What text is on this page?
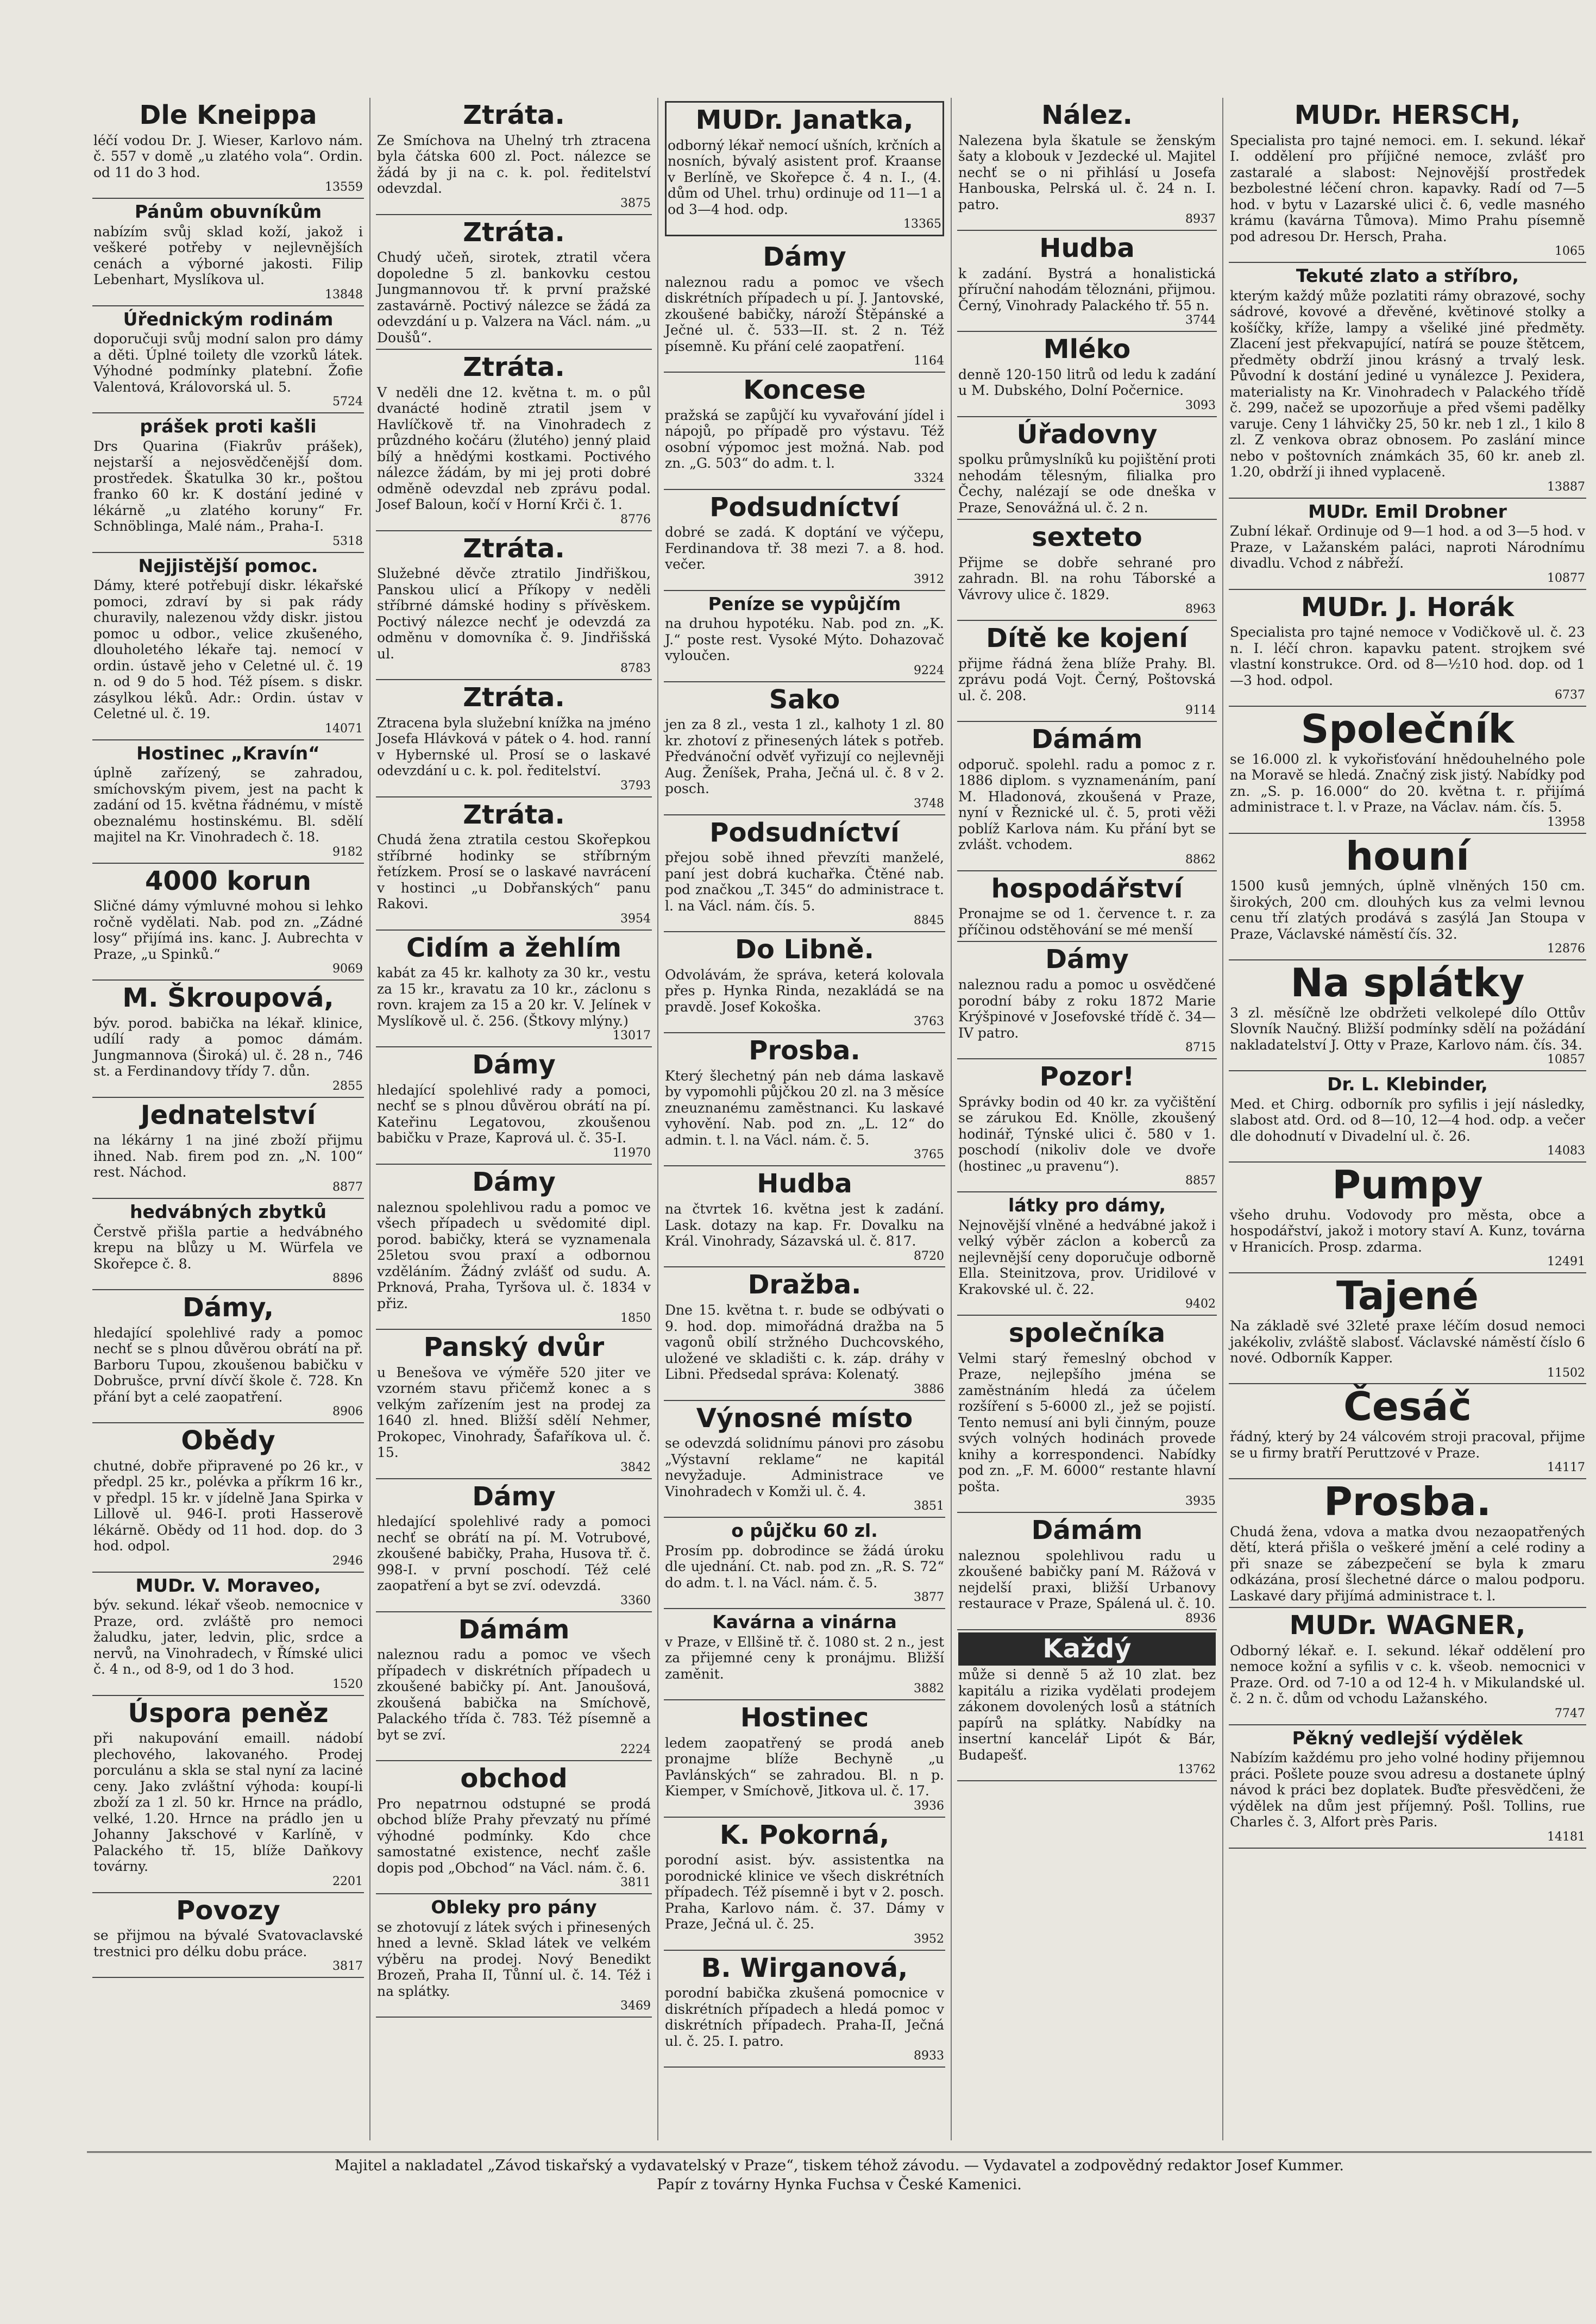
Dle Kneippa
léčí vodou Dr. J. Wieser, Karlovo nám. č. 557 v domě „u zlatého vola“. Ordin. od 11 do 3 hod.
13559
Pánům obuvníkům
nabízím svůj sklad koží, jakož i veškeré potřeby v nejlevnějších cenách a výborné jakosti. Filip Lebenhart, Myslíkova ul.
13848
Úřednickým rodinám
doporučuji svůj modní salon pro dámy a děti. Úplné toilety dle vzorků látek. Výhodné podmínky platební. Žofie Valentová, Královorská ul. 5.
5724
prášek proti kašli
Drs Quarina (Fiakrův prášek), nejstarší a nejosvědčenější dom. prostředek. Škatulka 30 kr., poštou franko 60 kr. K dostání jediné v lékárně „u zlatého koruny“ Fr. Schnöblinga, Malé nám., Praha-I.
5318
Nejjistější pomoc.
Dámy, které potřebují diskr. lékařské pomoci, zdraví by si pak rády churavily, nalezenou vždy diskr. jistou pomoc u odbor., velice zkušeného, dlouholetého lékaře taj. nemocí v ordin. ústavě jeho v Celetné ul. č. 19 n. od 9 do 5 hod. Též písem. s diskr. zásylkou léků. Adr.: Ordin. ústav v Celetné ul. č. 19.
14071
Hostinec „Kravín“
úplně zařízený, se zahradou, smíchovským pivem, jest na pacht k zadání od 15. května řádnému, v místě obeznalému hostinskému. Bl. sdělí majitel na Kr. Vinohradech č. 18.
9182
4000 korun
Sličné dámy výmluvné mohou si lehko ročně vydělati. Nab. pod zn. „Zádné losy“ přijímá ins. kanc. J. Aubrechta v Praze, „u Spinků.“
9069
M. Škroupová,
býv. porod. babička na lékař. klinice, udílí rady a pomoc dámám. Jungmannova (Široká) ul. č. 28 n., 746 st. a Ferdinandovy třídy 7. důn.
2855
Jednatelství
na lékárny 1 na jiné zboží přijmu ihned. Nab. firem pod zn. „N. 100“ rest. Náchod.
8877
hedvábných zbytků
Čerstvě přišla partie a hedvábného krepu na blůzy u M. Würfela ve Skořepce č. 8.
8896
Dámy,
hledající spolehlivé rady a pomoc nechť se s plnou důvěrou obrátí na př. Barboru Tupou, zkoušenou babičku v Dobrušce, první dívčí škole č. 728. Kn přání byt a celé zaopatření.
8906
Obědy
chutné, dobře připravené po 26 kr., v předpl. 25 kr., polévka a příkrm 16 kr., v předpl. 15 kr. v jídelně Jana Spirka v Lillově ul. 946-I. proti Hasserově lékárně. Obědy od 11 hod. dop. do 3 hod. odpol.
2946
MUDr. V. Moraveo,
býv. sekund. lékař všeob. nemocnice v Praze, ord. zvláště pro nemoci žaludku, jater, ledvin, plic, srdce a nervů, na Vinohradech, v Římské ulici č. 4 n., od 8-9, od 1 do 3 hod.
1520
Úspora peněz
při nakupování emaill. nádobí plechového, lakovaného. Prodej porculánu a skla se stal nyní za laciné ceny. Jako zvláštní výhoda: koupí-li zboží za 1 zl. 50 kr. Hrnce na prádlo, velké, 1.20. Hrnce na prádlo jen u Johanny Jakschové v Karlíně, v Palackého tř. 15, blíže Daňkovy továrny.
2201
Povozy
se přijmou na bývalé Svatovaclavské trestnici pro délku dobu práce.
3817
Ztráta.
Ze Smíchova na Uhelný trh ztracena byla čátska 600 zl. Poct. nálezce se žádá by ji na c. k. pol. ředitelství odevzdal.
3875
Ztráta.
Chudý učeň, sirotek, ztratil včera dopoledne 5 zl. bankovku cestou Jungmannovou tř. k první pražské zastavárně. Poctivý nálezce se žádá za odevzdání u p. Valzera na Václ. nám. „u Doušů“.
Ztráta.
V neděli dne 12. května t. m. o půl dvanácté hodině ztratil jsem v Havlíčkově tř. na Vinohradech z průzdného kočáru (žlutého) jenný plaid bílý a hnědými kostkami. Poctivého nálezce žádám, by mi jej proti dobré odměně odevzdal neb zprávu podal. Josef Baloun, kočí v Horní Krči č. 1.
8776
Ztráta.
Služebné děvče ztratilo Jindřiškou, Panskou ulicí a Příkopy v neděli stříbrné dámské hodiny s přívěskem. Poctivý nálezce nechť je odevzdá za odměnu v domovníka č. 9. Jindřišská ul.
8783
Ztráta.
Ztracena byla služební knížka na jméno Josefa Hlávková v pátek o 4. hod. ranní v Hybernské ul. Prosí se o laskavé odevzdání u c. k. pol. ředitelství.
3793
Ztráta.
Chudá žena ztratila cestou Skořepkou stříbrné hodinky se stříbrným řetízkem. Prosí se o laskavé navrácení v hostinci „u Dobřanských“ panu Rakovi.
3954
Cidím a žehlím
kabát za 45 kr. kalhoty za 30 kr., vestu za 15 kr., kravatu za 10 kr., záclonu s rovn. krajem za 15 a 20 kr. V. Jelínek v Myslíkově ul. č. 256. (Štkovy mlýny.)
13017
Dámy
hledající spolehlivé rady a pomoci, nechť se s plnou důvěrou obrátí na pí. Kateřinu Legatovou, zkoušenou babičku v Praze, Kaprová ul. č. 35-I.
11970
Dámy
naleznou spolehlivou radu a pomoc ve všech případech u svědomité dipl. porod. babičky, která se vyznamenala 25letou svou praxí a odbornou vzděláním. Žádný zvlášť od sudu. A. Prknová, Praha, Tyršova ul. č. 1834 v přiz.
1850
Panský dvůr
u Benešova ve výměře 520 jiter ve vzorném stavu přičemž konec a s velkým zařízením jest na prodej za 1640 zl. hned. Bližší sdělí Nehmer, Prokopec, Vinohrady, Šafaříkova ul. č. 15.
3842
Dámy
hledající spolehlivé rady a pomoci nechť se obrátí na pí. M. Votrubové, zkoušené babičky, Praha, Husova tř. č. 998-I. v první poschodí. Též celé zaopatření a byt se zví. odevzdá.
3360
Dámám
naleznou radu a pomoc ve všech případech v diskrétních případech u zkoušené babičky pí. Ant. Janoušová, zkoušená babička na Smíchově, Palackého třída č. 783. Též písemně a byt se zví.
2224
obchod
Pro nepatrnou odstupné se prodá obchod blíže Prahy převzatý nu přímé výhodné podmínky. Kdo chce samostatné existence, nechť zašle dopis pod „Obchod“ na Václ. nám. č. 6.
3811
Obleky pro pány
se zhotovují z látek svých i přinesených hned a levně. Sklad látek ve velkém výběru na prodej. Nový Benedikt Brozeň, Praha II, Tůnní ul. č. 14. Též i na splátky.
3469
MUDr. Janatka,
odborný lékař nemocí ušních, krčních a nosních, bývalý asistent prof. Kraanse v Berlíně, ve Skořepce č. 4 n. I., (4. dům od Uhel. trhu) ordinuje od 11—1 a od 3—4 hod. odp.
13365
Dámy
naleznou radu a pomoc ve všech diskrétních případech u pí. J. Jantovské, zkoušené babičky, nároží Štěpánské a Ječné ul. č. 533—II. st. 2 n. Též písemně. Ku přání celé zaopatření.
1164
Koncese
pražská se zapůjčí ku vyvařování jídel i nápojů, po případě pro výstavu. Též osobní výpomoc jest možná. Nab. pod zn. „G. 503“ do adm. t. l.
3324
Podsudníctví
dobré se zadá. K doptání ve výčepu, Ferdinandova tř. 38 mezi 7. a 8. hod. večer.
3912
Peníze se vypůjčím
na druhou hypotéku. Nab. pod zn. „K. J.“ poste rest. Vysoké Mýto. Dohazovač vyloučen.
9224
Sako
jen za 8 zl., vesta 1 zl., kalhoty 1 zl. 80 kr. zhotoví z přinesených látek s potřeb. Předvánoční odvěť vyřizují co nejlevněji Aug. Ženíšek, Praha, Ječná ul. č. 8 v 2. posch.
3748
Podsudníctví
přejou sobě ihned převzíti manželé, paní jest dobrá kuchařka. Čtěné nab. pod značkou „T. 345“ do administrace t. l. na Václ. nám. čís. 5.
8845
Do Libně.
Odvolávám, že správa, keterá kolovala přes p. Hynka Rinda, nezakládá se na pravdě. Josef Kokoška.
3763
Prosba.
Který šlechetný pán neb dáma laskavě by vypomohli půjčkou 20 zl. na 3 měsíce zneuznanému zaměstnanci. Ku laskavé vyhovění. Nab. pod zn. „L. 12“ do admin. t. l. na Václ. nám. č. 5.
3765
Hudba
na čtvrtek 16. května jest k zadání. Lask. dotazy na kap. Fr. Dovalku na Král. Vinohrady, Sázavská ul. č. 817.
8720
Dražba.
Dne 15. května t. r. bude se odbývati o 9. hod. dop. mimořádná dražba na 5 vagonů obilí stržného Duchcovského, uložené ve skladišti c. k. záp. dráhy v Libni. Předsedal správa: Kolenatý.
3886
Výnosné místo
se odevzdá solidnímu pánovi pro zásobu „Výstavní reklame“ ne kapitál nevyžaduje. Administrace ve Vinohradech v Komži ul. č. 4.
3851
o půjčku 60 zl.
Prosím pp. dobrodince se žádá úroku dle ujednání. Ct. nab. pod zn. „R. S. 72“ do adm. t. l. na Václ. nám. č. 5.
3877
Kavárna a vinárna
v Praze, v Ellšině tř. č. 1080 st. 2 n., jest za přijemné ceny k pronájmu. Bližší zaměnit.
3882
Hostinec
ledem zaopatřený se prodá aneb pronajme blíže Bechyně „u Pavlánských“ se zahradou. Bl. n p. Kiemper, v Smíchově, Jitkova ul. č. 17.
3936
K. Pokorná,
porodní asist. býv. assistentka na porodnické klinice ve všech diskrétních případech. Též písemně i byt v 2. posch. Praha, Karlovo nám. č. 37. Dámy v Praze, Ječná ul. č. 25.
3952
B. Wirganová,
porodní babička zkušená pomocnice v diskrétních případech a hledá pomoc v diskrétních případech. Praha-II, Ječná ul. č. 25. I. patro.
8933
Nález.
Nalezena byla škatule se ženským šaty a klobouk v Jezdecké ul. Majitel nechť se o ni přihlásí u Josefa Hanbouska, Pelrská ul. č. 24 n. I. patro.
8937
Hudba
k zadání. Bystrá a honalistická příruční nahodám těloznáni, přijmou. Černý, Vinohrady Palackého tř. 55 n.
3744
Mléko
denně 120-150 litrů od ledu k zadání u M. Dubského, Dolní Počernice.
3093
Úřadovny
spolku průmyslníků ku pojištění proti nehodám tělesným, filialka pro Čechy, nalézají se ode dneška v Praze, Senovážná ul. č. 2 n.
sexteto
Přijme se dobře sehrané pro zahradn. Bl. na rohu Táborské a Vávrovy ulice č. 1829.
8963
Dítě ke kojení
přijme řádná žena blíže Prahy. Bl. zprávu podá Vojt. Černý, Poštovská ul. č. 208.
9114
Dámám
odporuč. spolehl. radu a pomoc z r. 1886 diplom. s vyznamenáním, paní M. Hladonová, zkoušená v Praze, nyní v Řeznické ul. č. 5, proti věži poblíž Karlova nám. Ku přání byt se zvlášt. vchodem.
8862
hospodářství
Pronajme se od 1. července t. r. za příčinou odstěhování se mé menší
Dámy
naleznou radu a pomoc u osvědčené porodní báby z roku 1872 Marie Krýšpinové v Josefovské třídě č. 34—IV patro.
8715
Pozor!
Správky bodin od 40 kr. za vyčištění se zárukou Ed. Knölle, zkoušený hodinář, Týnské ulici č. 580 v 1. poschodí (nikoliv dole ve dvoře (hostinec „u pravenu“).
8857
látky pro dámy,
Nejnovější vlněné a hedvábné jakož i velký výběr záclon a koberců za nejlevnější ceny doporučuje odborně Ella. Steinitzova, prov. Uridilové v Krakovské ul. č. 22.
9402
společníka
Velmi starý řemeslný obchod v Praze, nejlepšího jména se zaměstnáním hledá za účelem rozšíření s 5-6000 zl., jež se pojistí. Tento nemusí ani byli činným, pouze svých volných hodinách provede knihy a korrespondenci. Nabídky pod zn. „F. M. 6000“ restante hlavní pošta.
3935
Dámám
naleznou spolehlivou radu u zkoušené babičky paní M. Rážová v nejdelší praxi, bližší Urbanovy restaurace v Praze, Spálená ul. č. 10.
8936
Každý
může si denně 5 až 10 zlat. bez kapitálu a rizika vydělati prodejem zákonem dovolených losů a státních papírů na splátky. Nabídky na insertní kancelář Lipót & Bár, Budapešť.
13762
MUDr. HERSCH,
Specialista pro tajné nemoci. em. I. sekund. lékař I. oddělení pro příjičné nemoce, zvlášť pro zastaralé a slabost: Nejnovější prostředek bezbolestné léčení chron. kapavky. Radí od 7—5 hod. v bytu v Lazarské ulici č. 6, vedle masného krámu (kavárna Tůmova). Mimo Prahu písemně pod adresou Dr. Hersch, Praha.
1065
Tekuté zlato a stříbro,
kterým každý může pozlatiti rámy obrazové, sochy sádrové, kovové a dřevěné, květinové stolky a košíčky, kříže, lampy a všeliké jiné předměty. Zlacení jest překvapující, natírá se pouze štětcem, předměty obdrží jinou krásný a trvalý lesk. Původní k dostání jediné u vynálezce J. Pexidera, materialisty na Kr. Vinohradech v Palackého třídě č. 299, načež se upozorňuje a před všemi padělky varuje. Ceny 1 láhvičky 25, 50 kr. neb 1 zl., 1 kilo 8 zl. Z venkova obraz obnosem. Po zaslání mince nebo v poštovních známkách 35, 60 kr. aneb zl. 1.20, obdrží ji ihned vyplaceně.
13887
MUDr. Emil Drobner
Zubní lékař. Ordinuje od 9—1 hod. a od 3—5 hod. v Praze, v Lažanském paláci, naproti Národnímu divadlu. Vchod z nábřeží.
10877
MUDr. J. Horák
Specialista pro tajné nemoce v Vodičkově ul. č. 23 n. I. léčí chron. kapavku patent. strojkem své vlastní konstrukce. Ord. od 8—½10 hod. dop. od 1—3 hod. odpol.
6737
Společník
se 16.000 zl. k vykořisťování hnědouhelného pole na Moravě se hledá. Značný zisk jistý. Nabídky pod zn. „S. p. 16.000“ do 20. května t. r. přijímá administrace t. l. v Praze, na Václav. nám. čís. 5.
13958
houní
1500 kusů jemných, úplně vlněných 150 cm. širokých, 200 cm. dlouhých kus za velmi levnou cenu tří zlatých prodává s zasýlá Jan Stoupa v Praze, Václavské náměstí čís. 32.
12876
Na splátky
3 zl. měsíčně lze obdržeti velkolepé dílo Ottův Slovník Naučný. Bližší podmínky sdělí na požádání nakladatelství J. Otty v Praze, Karlovo nám. čís. 34.
10857
Dr. L. Klebinder,
Med. et Chirg. odborník pro syfilis i její následky, slabost atd. Ord. od 8—10, 12—4 hod. odp. a večer dle dohodnutí v Divadelní ul. č. 26.
14083
Pumpy
všeho druhu. Vodovody pro města, obce a hospodářství, jakož i motory staví A. Kunz, továrna v Hranicích. Prosp. zdarma.
12491
Tajené
Na základě své 32leté praxe léčím dosud nemoci jakékoliv, zvláště slabosť. Václavské náměstí číslo 6 nové. Odborník Kapper.
11502
Česáč
řádný, který by 24 válcovém stroji pracoval, přijme se u firmy bratří Peruttzové v Praze.
14117
Prosba.
Chudá žena, vdova a matka dvou nezaopatřených dětí, která přišla o veškeré jmění a celé rodiny a při snaze se zábezpečení se byla k zmaru odkázána, prosí šlechetné dárce o malou podporu. Laskavé dary přijímá administrace t. l.
MUDr. WAGNER,
Odborný lékař. e. I. sekund. lékař oddělení pro nemoce kožní a syfilis v c. k. všeob. nemocnici v Praze. Ord. od 7-10 a od 12-4 h. v Mikulandské ul. č. 2 n. č. dům od vchodu Lažanského.
7747
Pěkný vedlejší výdělek
Nabízím každému pro jeho volné hodiny přijemnou práci. Pošlete pouze svou adresu a dostanete úplný návod k práci bez doplatek. Buďte přesvědčeni, že výdělek na dům jest příjemný. Pošl. Tollins, rue Charles č. 3, Alfort près Paris.
14181
Majitel a nakladatel „Závod tiskařský a vydavatelský v Praze“, tiskem téhož závodu. — Vydavatel a zodpovědný redaktor Josef Kummer.
Papír z továrny Hynka Fuchsa v České Kamenici.
